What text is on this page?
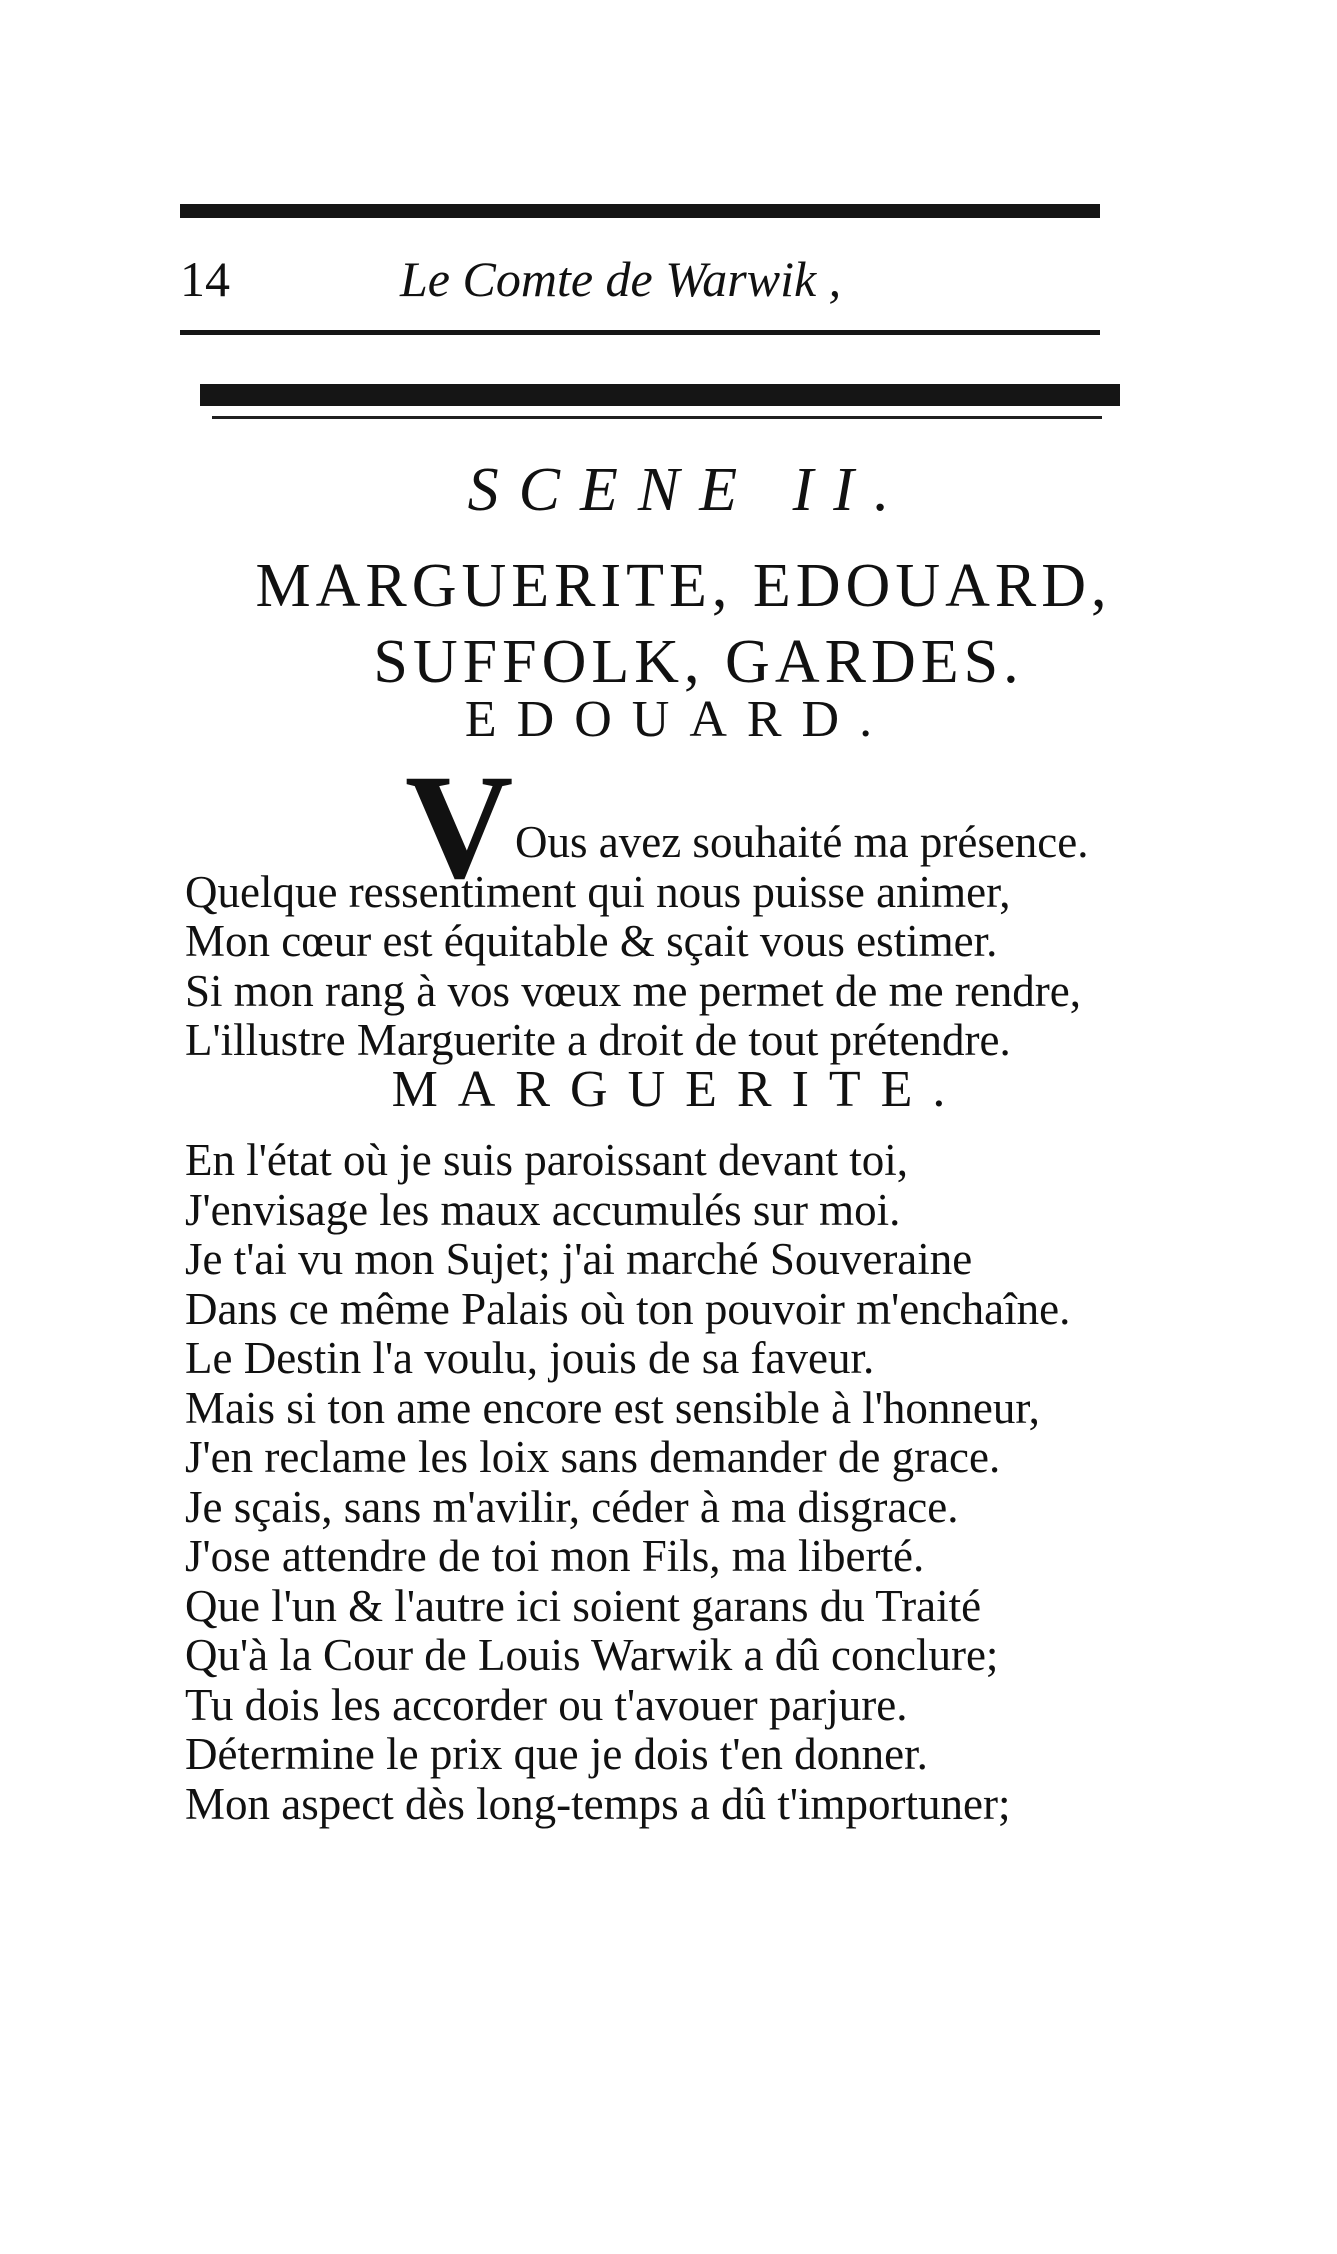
14	Le Comte de Warwik ,
SCENE II.
MARGUERITE, EDOUARD,
SUFFOLK, GARDES.
EDOUARD.
V Ous avez souhaité ma présence.
Quelque ressentiment qui nous puisse animer,
Mon cœur est équitable & sçait vous estimer.
Si mon rang à vos vœux me permet de me rendre,
L'illustre Marguerite a droit de tout prétendre.
MARGUERITE.
En l'état où je suis paroissant devant toi,
J'envisage les maux accumulés sur moi.
Je t'ai vu mon Sujet; j'ai marché Souveraine
Dans ce même Palais où ton pouvoir m'enchaîne.
Le Destin l'a voulu, jouis de sa faveur.
Mais si ton ame encore est sensible à l'honneur,
J'en reclame les loix sans demander de grace.
Je sçais, sans m'avilir, céder à ma disgrace.
J'ose attendre de toi mon Fils, ma liberté.
Que l'un & l'autre ici soient garans du Traité
Qu'à la Cour de Louis Warwik a dû conclure;
Tu dois les accorder ou t'avouer parjure.
Détermine le prix que je dois t'en donner.
Mon aspect dès long-temps a dû t'importuner;
